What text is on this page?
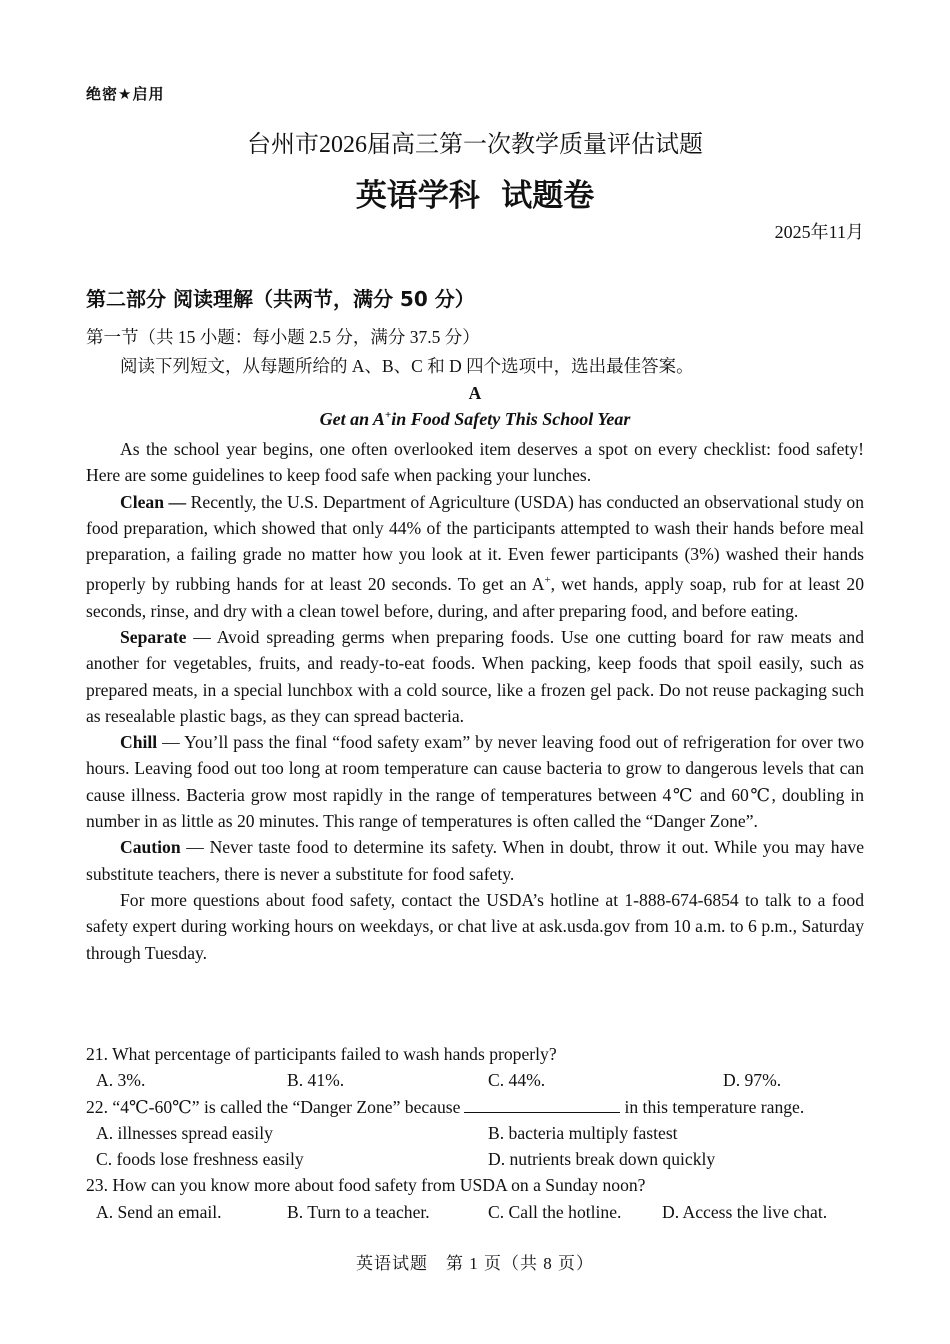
绝密★启用
台州市2026届高三第一次教学质量评估试题
英语学科  试题卷
2025年11月
第二部分 阅读理解（共两节，满分 50 分）
第一节（共 15 小题：每小题 2.5 分，满分 37.5 分）
阅读下列短文，从每题所给的 A、B、C 和 D 四个选项中，选出最佳答案。
A
Get an A+in Food Safety This School Year

As the school year begins, one often overlooked item deserves a spot on every checklist: food safety! Here are some guidelines to keep food safe when packing your lunches.

Clean — Recently, the U.S. Department of Agriculture (USDA) has conducted an observational study on food preparation, which showed that only 44% of the participants attempted to wash their hands before meal preparation, a failing grade no matter how you look at it. Even fewer participants (3%) washed their hands properly by rubbing hands for at least 20 seconds. To get an A+, wet hands, apply soap, rub for at least 20 seconds, rinse, and dry with a clean towel before, during, and after preparing food, and before eating.

Separate — Avoid spreading germs when preparing foods. Use one cutting board for raw meats and another for vegetables, fruits, and ready-to-eat foods. When packing, keep foods that spoil easily, such as prepared meats, in a special lunchbox with a cold source, like a frozen gel pack. Do not reuse packaging such as resealable plastic bags, as they can spread bacteria.

Chill — You’ll pass the final “food safety exam” by never leaving food out of refrigeration for over two hours. Leaving food out too long at room temperature can cause bacteria to grow to dangerous levels that can cause illness. Bacteria grow most rapidly in the range of temperatures between 4℃ and 60℃, doubling in number in as little as 20 minutes. This range of temperatures is often called the “Danger Zone”.

Caution — Never taste food to determine its safety. When in doubt, throw it out. While you may have substitute teachers, there is never a substitute for food safety.

For more questions about food safety, contact the USDA’s hotline at 1-888-674-6854 to talk to a food safety expert during working hours on weekdays, or chat live at ask.usda.gov from 10 a.m. to 6 p.m., Saturday through Tuesday.

21. What percentage of participants failed to wash hands properly?
A. 3%.	B. 41%.	C. 44%.	D. 97%.
22. “4℃-60℃” is called the “Danger Zone” because	in this temperature range.
A. illnesses spread easily	B. bacteria multiply fastest
C. foods lose freshness easily	D. nutrients break down quickly
23. How can you know more about food safety from USDA on a Sunday noon?
A. Send an email.	B. Turn to a teacher.	C. Call the hotline. D. Access the live chat.
英语试题　第 1 页（共 8 页）
